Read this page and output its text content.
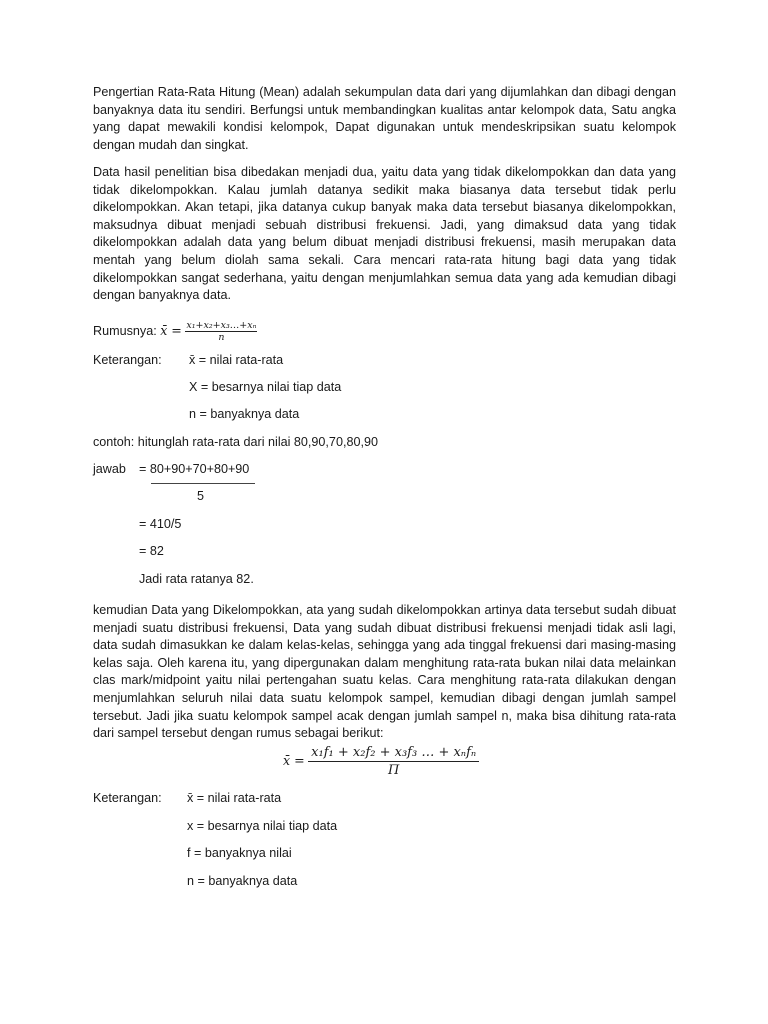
Pengertian Rata-Rata Hitung (Mean) adalah sekumpulan data dari yang dijumlahkan dan dibagi dengan banyaknya data itu sendiri. Berfungsi untuk membandingkan kualitas antar kelompok data, Satu angka yang dapat mewakili kondisi kelompok, Dapat digunakan untuk mendeskripsikan suatu kelompok dengan mudah dan singkat.

Data hasil penelitian bisa dibedakan menjadi dua, yaitu data yang tidak dikelompokkan dan data yang tidak dikelompokkan. Kalau jumlah datanya sedikit maka biasanya data tersebut tidak perlu dikelompokkan. Akan tetapi, jika datanya cukup banyak maka data tersebut biasanya dikelompokkan, maksudnya dibuat menjadi sebuah distribusi frekuensi. Jadi, yang dimaksud data yang tidak dikelompokkan adalah data yang belum dibuat menjadi distribusi frekuensi, masih merupakan data mentah yang belum diolah sama sekali. Cara mencari rata-rata hitung bagi data yang tidak dikelompokkan sangat sederhana, yaitu dengan menjumlahkan semua data yang ada kemudian dibagi dengan banyaknya data.

Rumusnya: x̄ = $\frac{\text{x₁+x₂+x₃…+xₙ}}{n}$
Keterangan: x̄ = nilai rata-rata
X = besarnya nilai tiap data
n = banyaknya data
contoh: hitunglah rata-rata dari nilai 80,90,70,80,90
jawab = 80+90+70+80+90
5
= 410/5
= 82
Jadi rata ratanya 82.

kemudian Data yang Dikelompokkan, ata yang sudah dikelompokkan artinya data tersebut sudah dibuat menjadi suatu distribusi frekuensi, Data yang sudah dibuat distribusi frekuensi menjadi tidak asli lagi, data sudah dimasukkan ke dalam kelas-kelas, sehingga yang ada tinggal frekuensi dari masing-masing kelas saja. Oleh karena itu, yang dipergunakan dalam menghitung rata-rata bukan nilai data melainkan clas mark/midpoint yaitu nilai pertengahan suatu kelas. Cara menghitung rata-rata dilakukan dengan menjumlahkan seluruh nilai data suatu kelompok sampel, kemudian dibagi dengan jumlah sampel tersebut. Jadi jika suatu kelompok sampel acak dengan jumlah sampel n, maka bisa dihitung rata-rata dari sampel tersebut dengan rumus sebagai berikut:

x̄ = $\frac{\text{x₁f₁ + x₂f₂ + x₃f₃ … + xₙfₙ}}{\Pi}$
Keterangan: x̄ = nilai rata-rata
x = besarnya nilai tiap data
f = banyaknya nilai
n = banyaknya data
